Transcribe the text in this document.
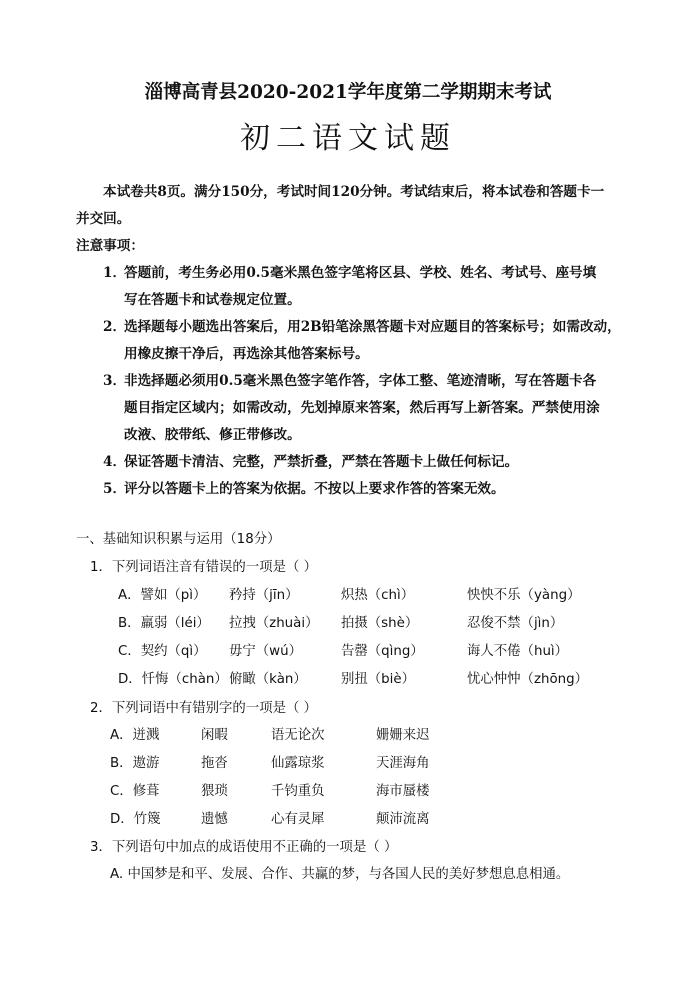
淄博高青县2020-2021学年度第二学期期末考试
初二语文试题
本试卷共8页。满分150分，考试时间120分钟。考试结束后，将本试卷和答题卡一
并交回。
注意事项：
1．
答题前，考生务必用0.5毫米黑色签字笔将区县、学校、姓名、考试号、座号填
写在答题卡和试卷规定位置。
2．
选择题每小题选出答案后，用2B铅笔涂黑答题卡对应题目的答案标号；如需改动，
用橡皮擦干净后，再选涂其他答案标号。
3．
非选择题必须用0.5毫米黑色签字笔作答，字体工整、笔迹清晰，写在答题卡各
题目指定区域内；如需改动，先划掉原来答案，然后再写上新答案。严禁使用涂
改液、胶带纸、修正带修改。
4．
保证答题卡清洁、完整，严禁折叠，严禁在答题卡上做任何标记。
5．
评分以答题卡上的答案为依据。不按以上要求作答的答案无效。
一、基础知识积累与运用（18分）
1．下列词语注音有错误的一项是（ ）
A．譬如（pì） 矜持（jīn）	炽热（chì）	怏怏不乐（yàng）
B．羸弱（léi） 拉拽（zhuài） 拍摄（shè）	忍俊不禁（jìn）
C．契约（qì） 毋宁（wú）	告罄（qìng）	诲人不倦（huì）
D．忏悔（chàn） 俯瞰（kàn）	别扭（biè）	忧心忡忡（zhōng）
2．下列词语中有错别字的一项是（ ）
A．迸溅	闲暇	语无论次	姗姗来迟
B．遨游	拖沓	仙露琼浆	天涯海角
C．修葺	猥琐	千钧重负	海市蜃楼
D．竹篾	遗憾	心有灵犀	颠沛流离
3．下列语句中加点的成语使用不正确的一项是（ ）
A. 中国梦是和平、发展、合作、共赢的梦，与各国人民的美好梦想息息相通。
